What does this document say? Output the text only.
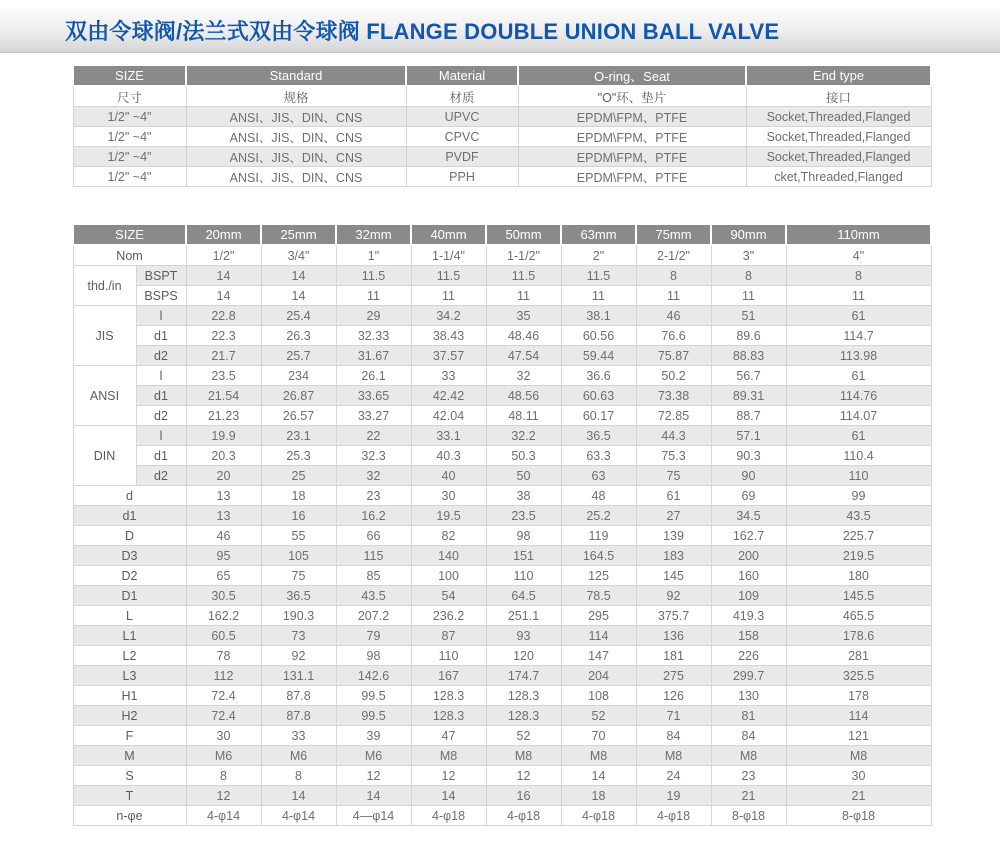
双由令球阀/法兰式双由令球阀 FLANGE DOUBLE UNION BALL VALVE
SIZE	Standard	Material	O-ring、Seat	End type
尺寸	规格	材质	"O"环、垫片	接口
1/2" ~4"	ANSI、JIS、DIN、CNS	UPVC	EPDM\FPM、PTFE	Socket,Threaded,Flanged
1/2" ~4"	ANSI、JIS、DIN、CNS	CPVC	EPDM\FPM、PTFE	Socket,Threaded,Flanged
1/2" ~4"	ANSI、JIS、DIN、CNS	PVDF	EPDM\FPM、PTFE	Socket,Threaded,Flanged
1/2" ~4"	ANSI、JIS、DIN、CNS	PPH	EPDM\FPM、PTFE	cket,Threaded,Flanged
SIZE		20mm	25mm	32mm	40mm	50mm	63mm	75mm	90mm	110mm
Nom		1/2"	3/4"	1"	1-1/4"	1-1/2"	2"	2-1/2"	3"	4"
thd./in	BSPT	14	14	11.5	11.5	11.5	11.5	8	8	8
	BSPS	14	14	11	11	11	11	11	11	11
JIS	l	22.8	25.4	29	34.2	35	38.1	46	51	61
	d1	22.3	26.3	32.33	38.43	48.46	60.56	76.6	89.6	114.7
	d2	21.7	25.7	31.67	37.57	47.54	59.44	75.87	88.83	113.98
ANSI	l	23.5	234	26.1	33	32	36.6	50.2	56.7	61
	d1	21.54	26.87	33.65	42.42	48.56	60.63	73.38	89.31	114.76
	d2	21.23	26.57	33.27	42.04	48.11	60.17	72.85	88.7	114.07
DIN	l	19.9	23.1	22	33.1	32.2	36.5	44.3	57.1	61
	d1	20.3	25.3	32.3	40.3	50.3	63.3	75.3	90.3	110.4
	d2	20	25	32	40	50	63	75	90	110
d		13	18	23	30	38	48	61	69	99
d1		13	16	16.2	19.5	23.5	25.2	27	34.5	43.5
D		46	55	66	82	98	119	139	162.7	225.7
D3		95	105	115	140	151	164.5	183	200	219.5
D2		65	75	85	100	110	125	145	160	180
D1		30.5	36.5	43.5	54	64.5	78.5	92	109	145.5
L		162.2	190.3	207.2	236.2	251.1	295	375.7	419.3	465.5
L1		60.5	73	79	87	93	114	136	158	178.6
L2		78	92	98	110	120	147	181	226	281
L3		112	131.1	142.6	167	174.7	204	275	299.7	325.5
H1		72.4	87.8	99.5	128.3	128.3	108	126	130	178
H2		72.4	87.8	99.5	128.3	128.3	52	71	81	114
F		30	33	39	47	52	70	84	84	121
M		M6	M6	M6	M8	M8	M8	M8	M8	M8
S		8	8	12	12	12	14	24	23	30
T		12	14	14	14	16	18	19	21	21
n-φe		4-φ14	4-φ14	4—φ14	4-φ18	4-φ18	4-φ18	4-φ18	8-φ18	8-φ18
